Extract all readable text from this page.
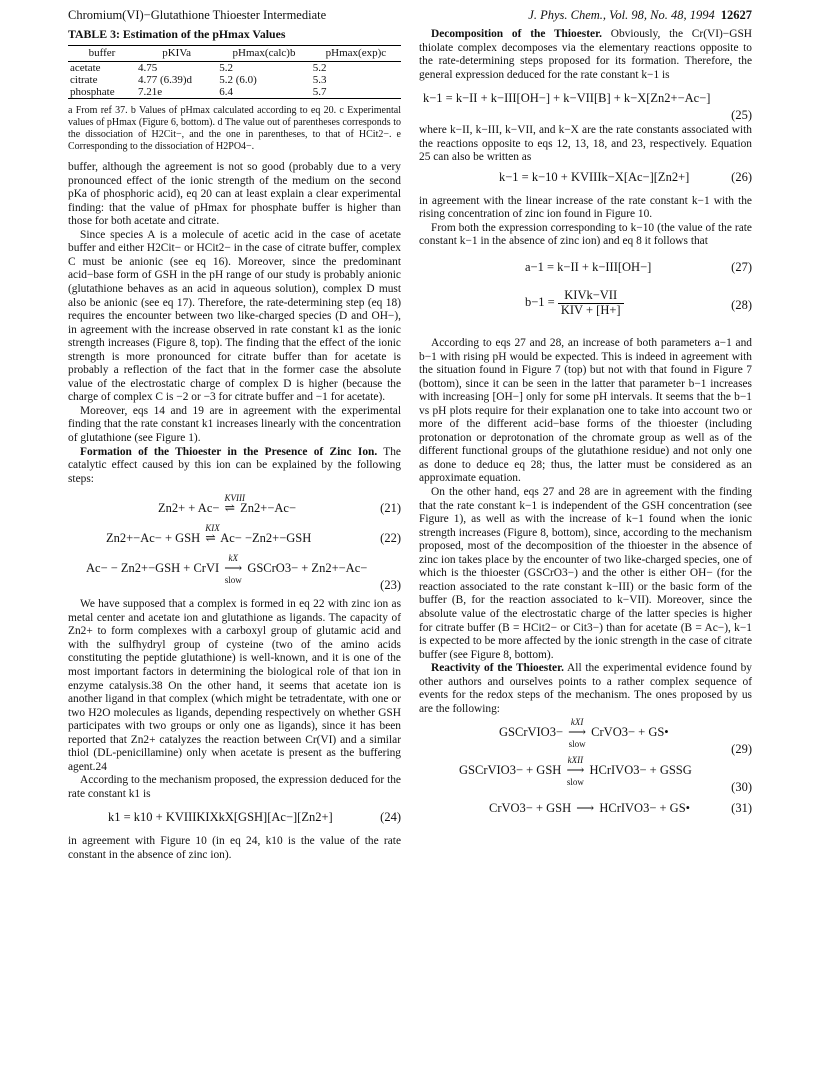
Chromium(VI)−Glutathione Thioester Intermediate	J. Phys. Chem., Vol. 98, No. 48, 1994 12627
TABLE 3: Estimation of the pHmax Values
buffer	pKIVa	pHmax(calc)b	pHmax(exp)c
acetate	4.75	5.2	5.2
citrate	4.77 (6.39)d	5.2 (6.0)	5.3
phosphate	7.21e	6.4	5.7
a From ref 37. b Values of pHmax calculated according to eq 20. c Experimental values of pHmax (Figure 6, bottom). d The value out of parentheses corresponds to the dissociation of H2Cit−, and the one in parentheses, to that of HCit2−. e Corresponding to the dissociation of H2PO4−.

buffer, although the agreement is not so good (probably due to a very pronounced effect of the ionic strength of the medium on the second pKa of phosphoric acid), eq 20 can at least explain a clear experimental finding: that the value of pHmax for phosphate buffer is higher than those for both acetate and citrate.

Since species A is a molecule of acetic acid in the case of acetate buffer and either H2Cit− or HCit2− in the case of citrate buffer, complex C must be anionic (see eq 16). Moreover, since the predominant acid−base form of GSH in the pH range of our study is probably anionic (glutathione behaves as an acid in aqueous solution), complex D must also be anionic (see eq 17). Therefore, the rate-determining step (eq 18) requires the encounter between two like-charged species (D and OH−), in agreement with the increase observed in rate constant k1 as the ionic strength increases (Figure 8, top). The finding that the effect of the ionic strength is more pronounced for citrate buffer than for acetate is probably a reflection of the fact that in the former case the absolute value of the electrostatic charge of complex D is higher (because the charge of complex C is −2 or −3 for citrate buffer and −1 for acetate).

Moreover, eqs 14 and 19 are in agreement with the experimental finding that the rate constant k1 increases linearly with the concentration of glutathione (see Figure 1).

Formation of the Thioester in the Presence of Zinc Ion. The catalytic effect caused by this ion can be explained by the following steps:

Zn2+ + Ac−
KVIII
⇌ Zn2+−Ac−	(21)
Zn2+−Ac− + GSH
KIX
⇌ Ac− −Zn2+−GSH	(22)
Ac− − Zn2+−GSH + CrVI
kX
⟶
slow
GSCrO3− + Zn2+−Ac−
(23)

We have supposed that a complex is formed in eq 22 with zinc ion as metal center and acetate ion and glutathione as ligands. The capacity of Zn2+ to form complexes with a carboxyl group of glutamic acid and with the sulfhydryl group of cysteine (two of the amino acids constituting the peptide glutathione) is well-known, and it is one of the most important factors in determining the biological role of that ion in enzyme catalysis.38 On the other hand, it seems that acetate ion is another ligand in that complex (which might be tetradentate, with one or two H2O molecules as ligands, depending respectively on whether GSH participates with two groups or only one as ligands), since it has been reported that Zn2+ catalyzes the reaction between Cr(VI) and a similar thiol (DL-penicillamine) only when acetate is present as the buffering agent.24

According to the mechanism proposed, the expression deduced for the rate constant k1 is

k1 = k10 + KVIIIKIXkX[GSH][Ac−][Zn2+]	(24)

in agreement with Figure 10 (in eq 24, k10 is the value of the rate constant in the absence of zinc ion).

Decomposition of the Thioester. Obviously, the Cr(VI)−GSH thiolate complex decomposes via the elementary reactions opposite to the rate-determining steps proposed for its formation. Therefore, the general expression deduced for the rate constant k−1 is

k−1 = k−II + k−III[OH−] + k−VII[B] + k−X[Zn2+−Ac−]
(25)

where k−II, k−III, k−VII, and k−X are the rate constants associated with the reactions opposite to eqs 12, 13, 18, and 23, respectively. Equation 25 can also be written as

k−1 = k−10 + KVIIIk−X[Ac−][Zn2+]	(26)

in agreement with the linear increase of the rate constant k−1 with the rising concentration of zinc ion found in Figure 10.

From both the expression corresponding to k−10 (the value of the rate constant k−1 in the absence of zinc ion) and eq 8 it follows that

a−1 = k−II + k−III[OH−]	(27)
$b-1 = \frac{\text{KIVk−VII}}{\text{KIV + [H+]}}$	(28)

According to eqs 27 and 28, an increase of both parameters a−1 and b−1 with rising pH would be expected. This is indeed in agreement with the situation found in Figure 7 (top) but not with that found in Figure 7 (bottom), since it can be seen in the latter that parameter b−1 increases with increasing [OH−] only for some pH intervals. It seems that the b−1 vs pH plots require for their explanation one to take into account two or more of the different acid−base forms of the thioester (including protonation or deprotonation of the chromate group as well as of the different functional groups of the glutathione residue) and not only one as done to deduce eq 28; thus, the latter must be considered as an approximate equation.

On the other hand, eqs 27 and 28 are in agreement with the finding that the rate constant k−1 is independent of the GSH concentration (see Figure 1), as well as with the increase of k−1 found when the ionic strength increases (Figure 8, bottom), since, according to the mechanism proposed, most of the decomposition of the thioester in the absence of zinc ion takes place by the encounter of two like-charged species, one of which is the thioester (GSCrO3−) and the other is either OH− (for the reaction associated to the rate constant k−III) or the basic form of the buffer (B, for the reaction associated to k−VII). Moreover, since the absolute value of the electrostatic charge of the latter species is higher for citrate buffer (B = HCit2− or Cit3−) than for acetate (B = Ac−), k−1 is expected to be more affected by the ionic strength in the case of citrate buffer (see Figure 8, bottom).

Reactivity of the Thioester. All the experimental evidence found by other authors and ourselves points to a rather complex sequence of events for the redox steps of the mechanism. The ones proposed by us are the following:

GSCrVIO3−
kXI
⟶
slow
CrVO3− + GS•
(29)
GSCrVIO3− + GSH
kXII
⟶
slow
HCrIVO3− + GSSG
(30)
CrVO3− + GSH ⟶ HCrIVO3− + GS•	(31)
